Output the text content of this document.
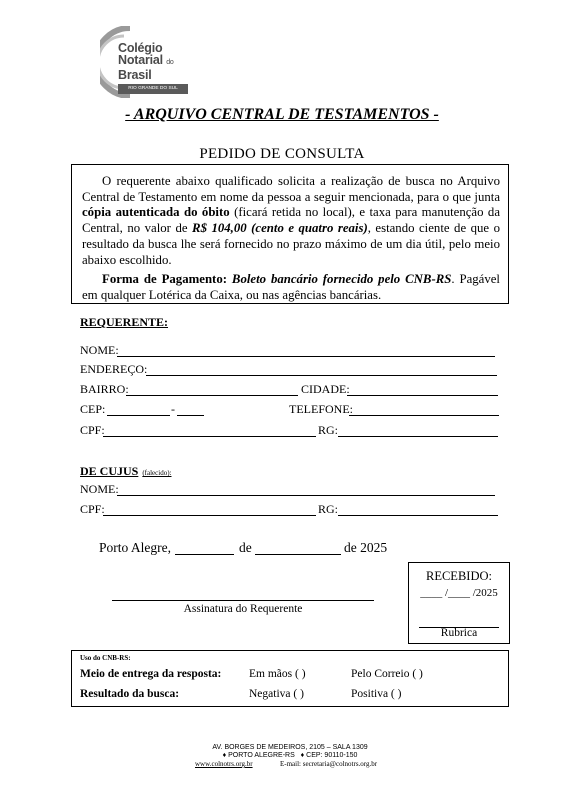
Colégio
Notarial do
Brasil
RIO GRANDE DO SUL
- ARQUIVO CENTRAL DE TESTAMENTOS -
PEDIDO DE CONSULTA
O requerente abaixo qualificado solicita a realização de busca no Arquivo Central de Testamento em nome da pessoa a seguir mencionada, para o que junta cópia autenticada do óbito (ficará retida no local), e taxa para manutenção da Central, no valor de R$ 104,00 (cento e quatro reais), estando ciente de que o resultado da busca lhe será fornecido no prazo máximo de um dia útil, pelo meio abaixo escolhido.
Forma de Pagamento: Boleto bancário fornecido pelo CNB-RS. Pagável em qualquer Lotérica da Caixa, ou nas agências bancárias.
REQUERENTE:
NOME:
ENDEREÇO:
BAIRRO:	CIDADE:
CEP:	-	TELEFONE:
CPF:	RG:
DE CUJUS (falecido):
NOME:
CPF:	RG:
Porto Alegre,	de	de 2025
Assinatura do Requerente
RECEBIDO:
____ /____ /2025
Rubrica
Uso do CNB-RS:
Meio de entrega da resposta: Em mãos ( )	Pelo Correio ( )
Resultado da busca:	Negativa ( )	Positiva ( )
AV. BORGES DE MEDEIROS, 2105 – SALA 1309
♦ PORTO ALEGRE-RS ♦ CEP: 90110-150
www.colnotrs.org.br	E-mail: secretaria@colnotrs.org.br
